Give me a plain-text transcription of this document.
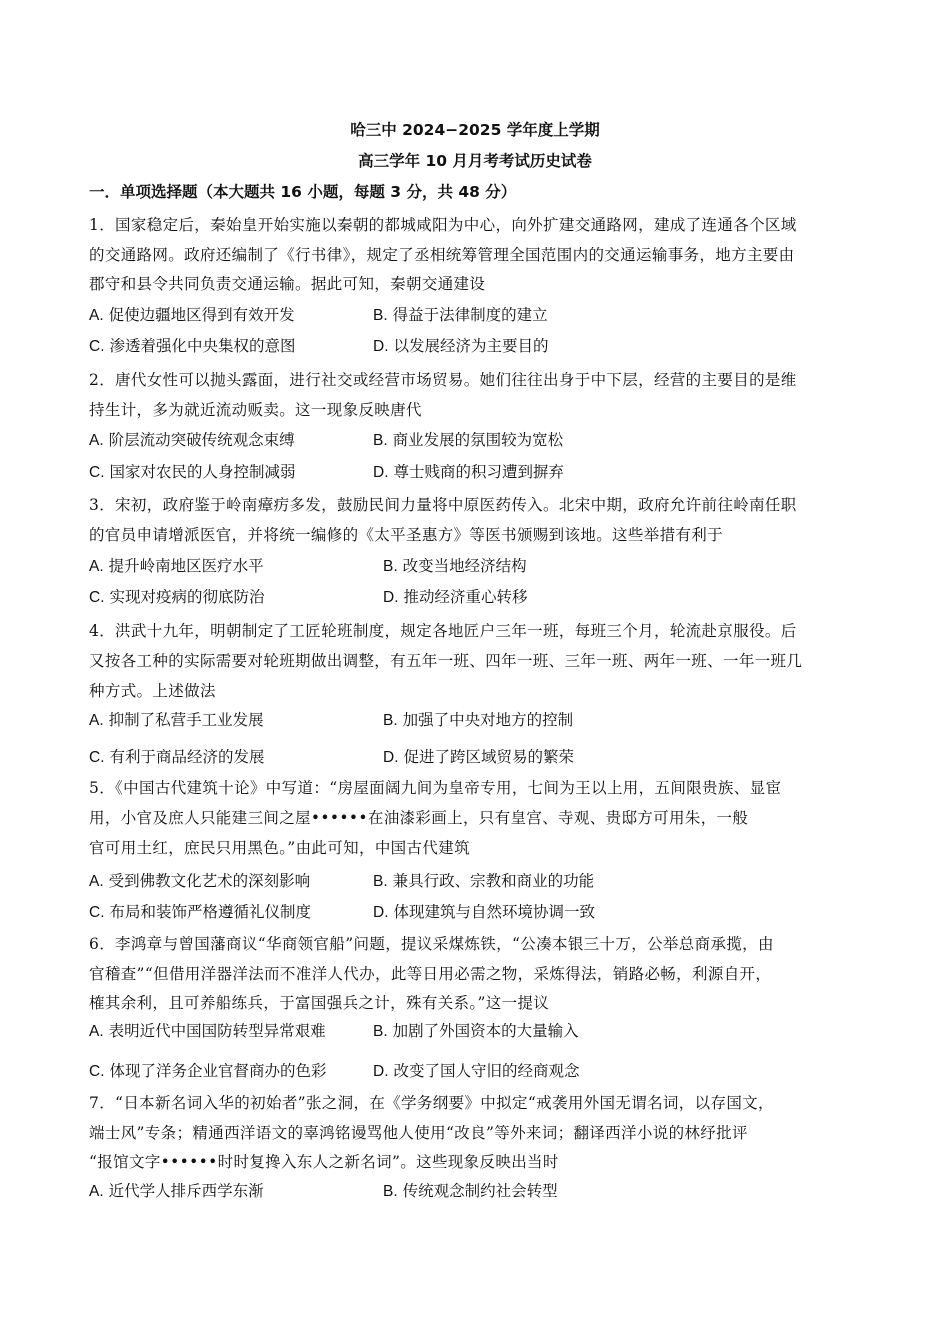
哈三中 2024−2025 学年度上学期
高三学年 10 月月考考试历史试卷
一．单项选择题（本大题共 16 小题，每题 3 分，共 48 分）
1．国家稳定后，秦始皇开始实施以秦朝的都城咸阳为中心，向外扩建交通路网，建成了连通各个区域
的交通路网。政府还编制了《行书律》，规定了丞相统筹管理全国范围内的交通运输事务，地方主要由
郡守和县令共同负责交通运输。据此可知，秦朝交通建设
A. 促使边疆地区得到有效开发	B. 得益于法律制度的建立
C. 渗透着强化中央集权的意图	D. 以发展经济为主要目的
2．唐代女性可以抛头露面，进行社交或经营市场贸易。她们往往出身于中下层，经营的主要目的是维
持生计，多为就近流动贩卖。这一现象反映唐代
A. 阶层流动突破传统观念束缚	B. 商业发展的氛围较为宽松
C. 国家对农民的人身控制减弱	D. 尊士贱商的积习遭到摒弃
3．宋初，政府鉴于岭南瘴疠多发，鼓励民间力量将中原医药传入。北宋中期，政府允许前往岭南任职
的官员申请增派医官，并将统一编修的《太平圣惠方》等医书颁赐到该地。这些举措有利于
A. 提升岭南地区医疗水平	B. 改变当地经济结构
C. 实现对疫病的彻底防治	D. 推动经济重心转移
4．洪武十九年，明朝制定了工匠轮班制度，规定各地匠户三年一班，每班三个月，轮流赴京服役。后
又按各工种的实际需要对轮班期做出调整，有五年一班、四年一班、三年一班、两年一班、一年一班几
种方式。上述做法
A. 抑制了私营手工业发展	B. 加强了中央对地方的控制
C. 有利于商品经济的发展	D. 促进了跨区域贸易的繁荣
5．《中国古代建筑十论》中写道：“房屋面阔九间为皇帝专用，七间为王以上用，五间限贵族、显宦
用，小官及庶人只能建三间之屋••••••在油漆彩画上，只有皇宫、寺观、贵邸方可用朱，一般
官可用土红，庶民只用黑色。”由此可知，中国古代建筑
A. 受到佛教文化艺术的深刻影响	B. 兼具行政、宗教和商业的功能
C. 布局和装饰严格遵循礼仪制度	D. 体现建筑与自然环境协调一致
6．李鸿章与曾国藩商议“华商领官船”问题，提议采煤炼铁，“公凑本银三十万，公举总商承揽，由
官稽查”“但借用洋器洋法而不准洋人代办，此等日用必需之物，采炼得法，销路必畅，利源自开，
榷其余利，且可养船练兵，于富国强兵之计，殊有关系。”这一提议
A. 表明近代中国国防转型异常艰难	B. 加剧了外国资本的大量输入
C. 体现了洋务企业官督商办的色彩	D. 改变了国人守旧的经商观念
7．“日本新名词入华的初始者”张之洞，在《学务纲要》中拟定“戒袭用外国无谓名词，以存国文，
端士风”专条；精通西洋语文的辜鸿铭谩骂他人使用“改良”等外来词；翻译西洋小说的林纾批评
“报馆文字••••••时时复搀入东人之新名词”。这些现象反映出当时
A. 近代学人排斥西学东渐	B. 传统观念制约社会转型
